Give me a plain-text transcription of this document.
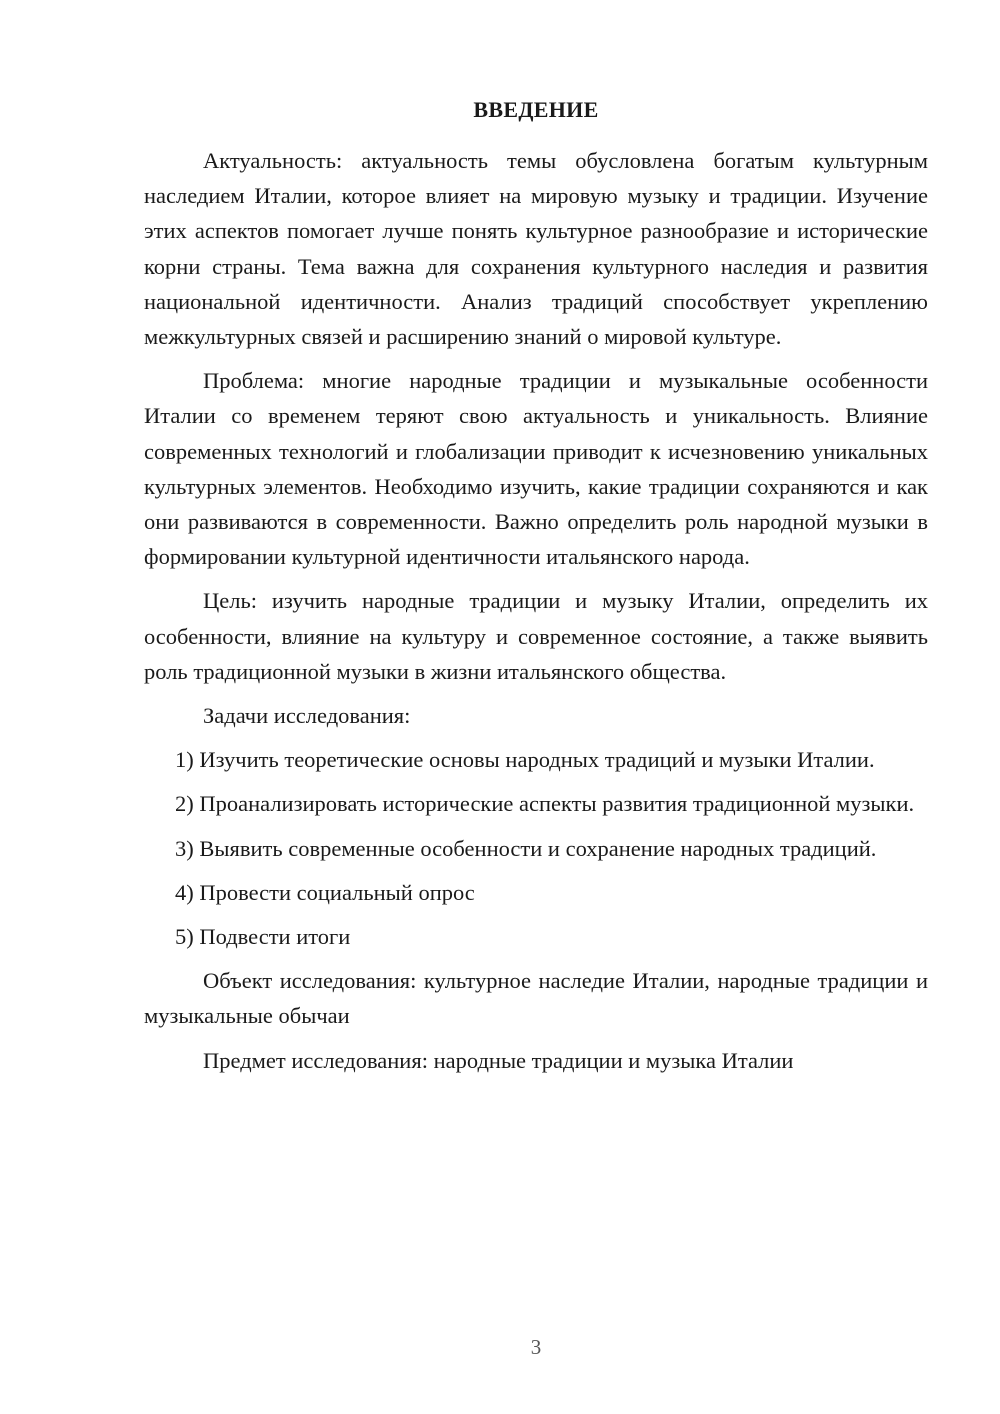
ВВЕДЕНИЕ

Актуальность: актуальность темы обусловлена богатым культурным наследием Италии, которое влияет на мировую музыку и традиции. Изучение этих аспектов помогает лучше понять культурное разнообразие и исторические корни страны. Тема важна для сохранения культурного наследия и развития национальной идентичности. Анализ традиций способствует укреплению межкультурных связей и расширению знаний о мировой культуре.

Проблема: многие народные традиции и музыкальные особенности Италии со временем теряют свою актуальность и уникальность. Влияние современных технологий и глобализации приводит к исчезновению уникальных культурных элементов. Необходимо изучить, какие традиции сохраняются и как они развиваются в современности. Важно определить роль народной музыки в формировании культурной идентичности итальянского народа.

Цель: изучить народные традиции и музыку Италии, определить их особенности, влияние на культуру и современное состояние, а также выявить роль традиционной музыки в жизни итальянского общества.

Задачи исследования:

1) Изучить теоретические основы народных традиций и музыки Италии.

2) Проанализировать исторические аспекты развития традиционной музыки.

3) Выявить современные особенности и сохранение народных традиций.

4) Провести социальный опрос

5) Подвести итоги

Объект исследования: культурное наследие Италии, народные традиции и музыкальные обычаи

Предмет исследования: народные традиции и музыка Италии

3
